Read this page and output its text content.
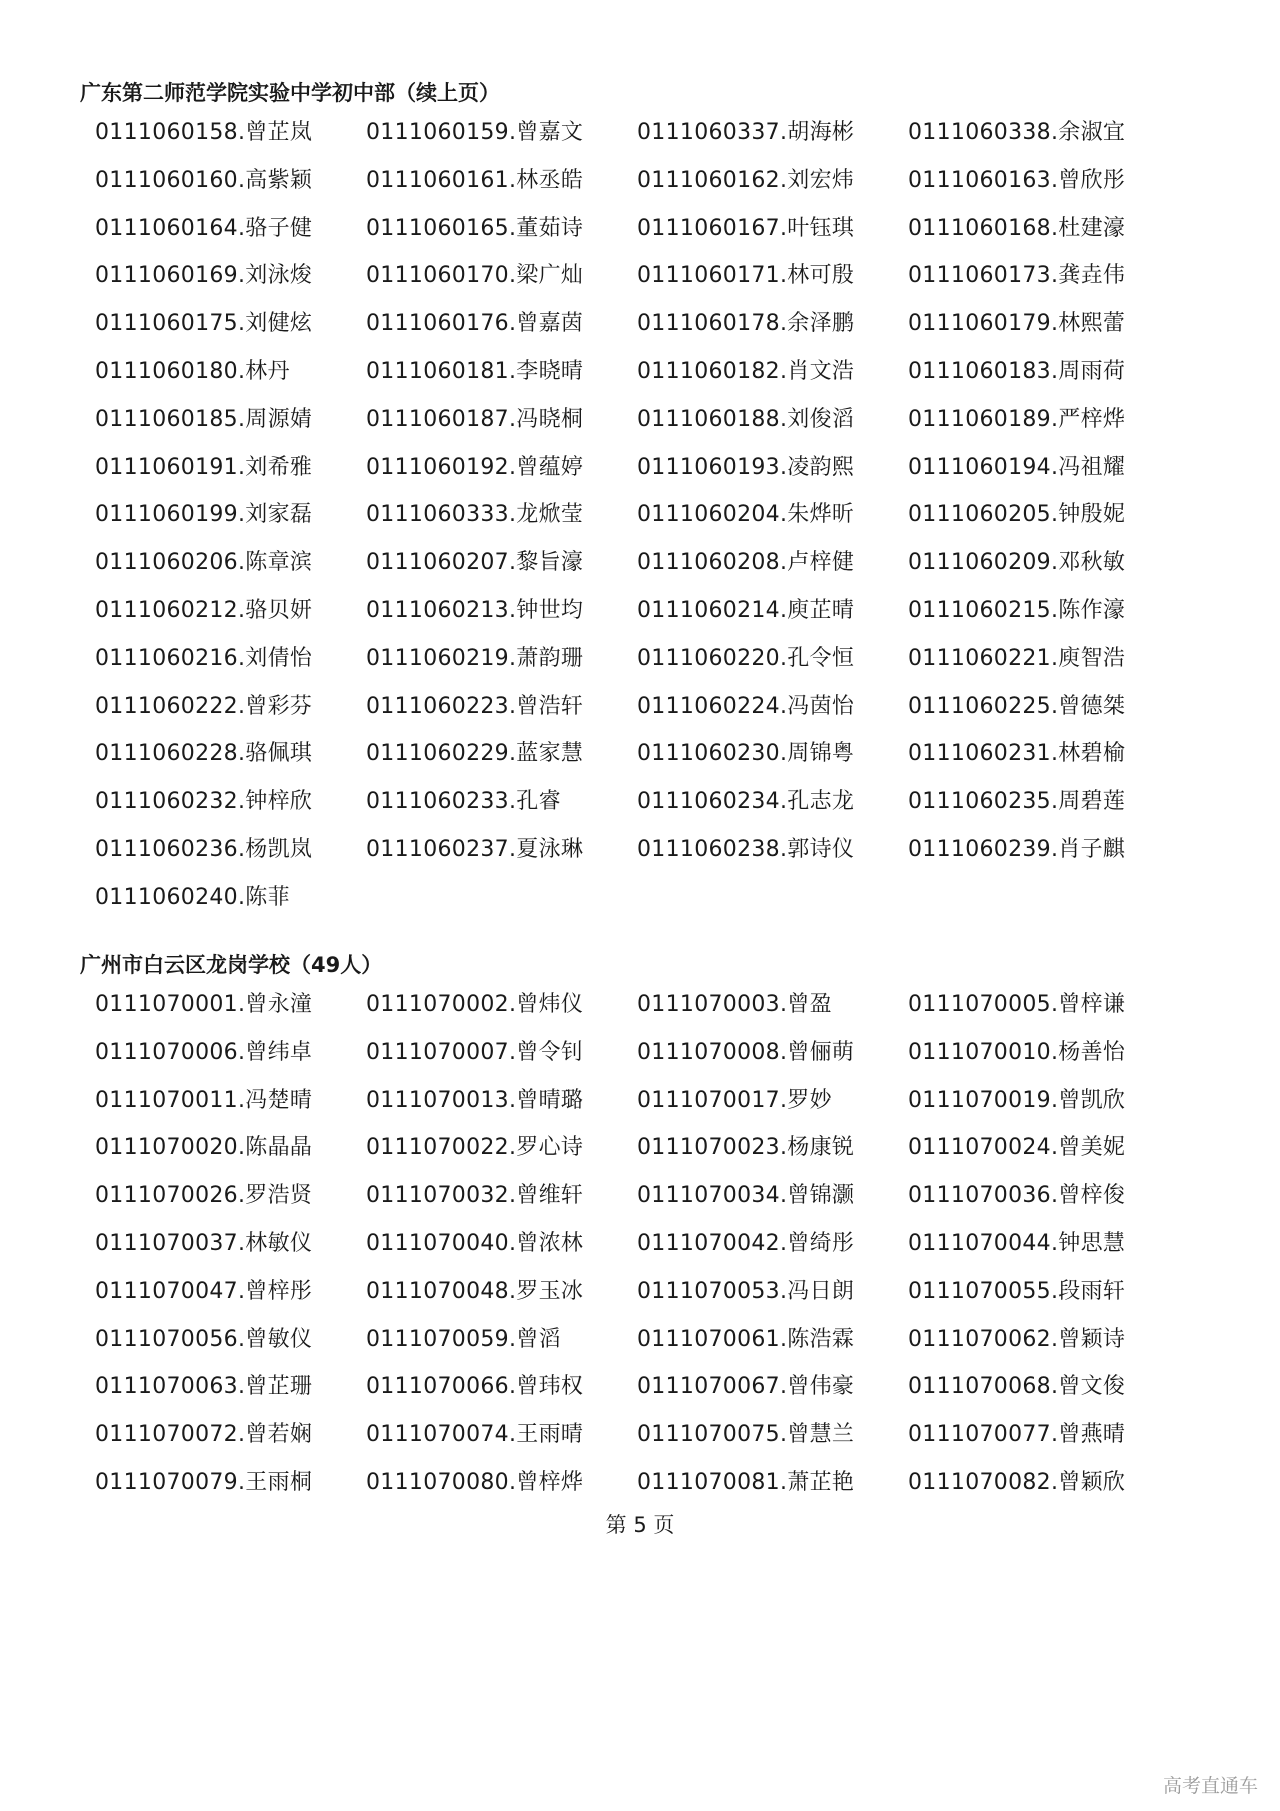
广东第二师范学院实验中学初中部（续上页）
0111060158.曾芷岚	0111060159.曾嘉文	0111060337.胡海彬	0111060338.余淑宜
0111060160.高紫颖	0111060161.林丞皓	0111060162.刘宏炜	0111060163.曾欣彤
0111060164.骆子健	0111060165.董茹诗	0111060167.叶钰琪	0111060168.杜建濠
0111060169.刘泳焌	0111060170.梁广灿	0111060171.林可殷	0111060173.龚垚伟
0111060175.刘健炫	0111060176.曾嘉茵	0111060178.余泽鹏	0111060179.林熙蕾
0111060180.林丹	0111060181.李晓晴	0111060182.肖文浩	0111060183.周雨荷
0111060185.周源婧	0111060187.冯晓桐	0111060188.刘俊滔	0111060189.严梓烨
0111060191.刘希雅	0111060192.曾蕴婷	0111060193.凌韵熙	0111060194.冯祖耀
0111060199.刘家磊	0111060333.龙焮莹	0111060204.朱烨昕	0111060205.钟殷妮
0111060206.陈章滨	0111060207.黎旨濠	0111060208.卢梓健	0111060209.邓秋敏
0111060212.骆贝妍	0111060213.钟世均	0111060214.庾芷晴	0111060215.陈作濠
0111060216.刘倩怡	0111060219.萧韵珊	0111060220.孔令恒	0111060221.庾智浩
0111060222.曾彩芬	0111060223.曾浩轩	0111060224.冯茵怡	0111060225.曾德桀
0111060228.骆佩琪	0111060229.蓝家慧	0111060230.周锦粤	0111060231.林碧榆
0111060232.钟梓欣	0111060233.孔睿	0111060234.孔志龙	0111060235.周碧莲
0111060236.杨凯岚	0111060237.夏泳琳	0111060238.郭诗仪	0111060239.肖子麒
0111060240.陈菲
广州市白云区龙岗学校（49人）
0111070001.曾永潼	0111070002.曾炜仪	0111070003.曾盈	0111070005.曾梓谦
0111070006.曾纬卓	0111070007.曾令钊	0111070008.曾俪萌	0111070010.杨善怡
0111070011.冯楚晴	0111070013.曾晴璐	0111070017.罗妙	0111070019.曾凯欣
0111070020.陈晶晶	0111070022.罗心诗	0111070023.杨康锐	0111070024.曾美妮
0111070026.罗浩贤	0111070032.曾维轩	0111070034.曾锦灏	0111070036.曾梓俊
0111070037.林敏仪	0111070040.曾浓林	0111070042.曾绮彤	0111070044.钟思慧
0111070047.曾梓彤	0111070048.罗玉冰	0111070053.冯日朗	0111070055.段雨轩
0111070056.曾敏仪	0111070059.曾滔	0111070061.陈浩霖	0111070062.曾颖诗
0111070063.曾芷珊	0111070066.曾玮权	0111070067.曾伟豪	0111070068.曾文俊
0111070072.曾若娴	0111070074.王雨晴	0111070075.曾慧兰	0111070077.曾燕晴
0111070079.王雨桐	0111070080.曾梓烨	0111070081.萧芷艳	0111070082.曾颖欣
第 5 页
高考直通车
